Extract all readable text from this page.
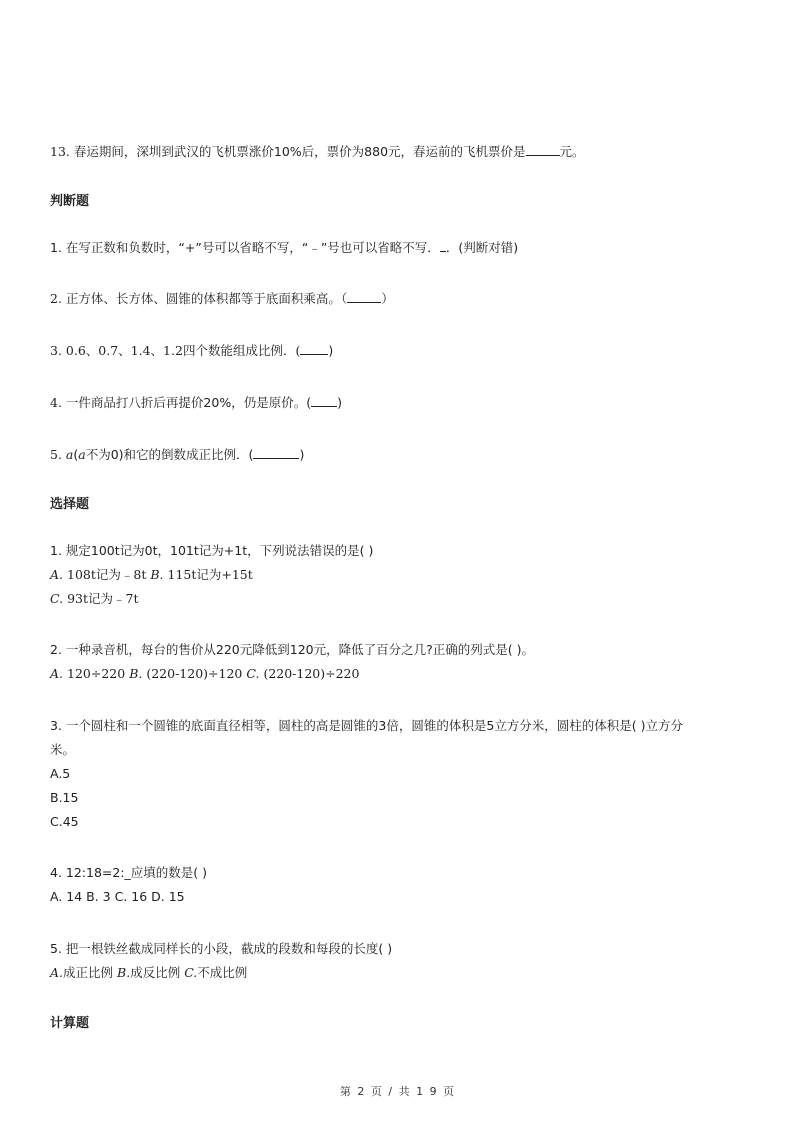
13. 春运期间，深圳到武汉的飞机票涨价10%后，票价为880元，春运前的飞机票价是	元。
判断题
1. 在写正数和负数时，“+”号可以省略不写，“﹣”号也可以省略不写． ．(判断对错)
2. 正方体、长方体、圆锥的体积都等于底面积乘高。（	）
3. 0.6、0.7、1.4、1.2四个数能组成比例．( )
4. 一件商品打八折后再提价20%，仍是原价。( )
5. a(a不为0)和它的倒数成正比例．(	)
选择题
1. 规定100t记为0t，101t记为+1t，下列说法错误的是( )
A. 108t记为﹣8t B. 115t记为+15t
C. 93t记为﹣7t
2. 一种录音机，每台的售价从220元降低到120元，降低了百分之几?正确的列式是( )。
A. 120÷220 B. (220-120)÷120 C. (220-120)÷220
3. 一个圆柱和一个圆锥的底面直径相等，圆柱的高是圆锥的3倍，圆锥的体积是5立方分米，圆柱的体积是( )立方分
米。
A.5
B.15
C.45
4. 12:18=2:_应填的数是( )
A. 14 B. 3 C. 16 D. 15
5. 把一根铁丝截成同样长的小段，截成的段数和每段的长度( )
A.成正比例 B.成反比例 C.不成比例
计算题
第 2 页 / 共 1 9 页
